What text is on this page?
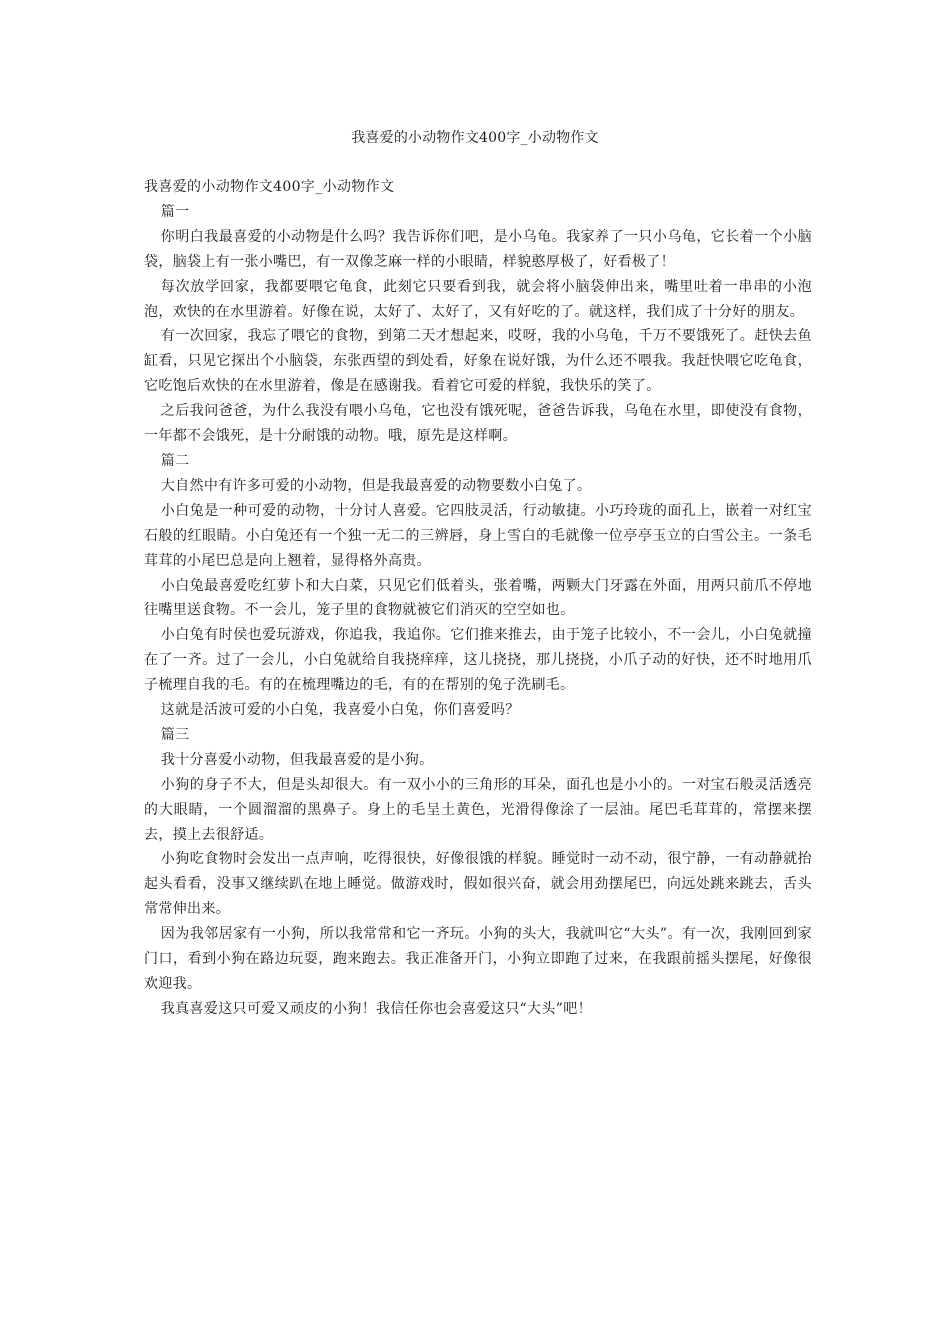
我喜爱的小动物作文400字_小动物作文

我喜爱的小动物作文400字_小动物作文

篇一

你明白我最喜爱的小动物是什么吗？我告诉你们吧，是小乌龟。我家养了一只小乌龟，它长着一个小脑袋，脑袋上有一张小嘴巴，有一双像芝麻一样的小眼睛，样貌憨厚极了，好看极了！

每次放学回家，我都要喂它龟食，此刻它只要看到我，就会将小脑袋伸出来，嘴里吐着一串串的小泡泡，欢快的在水里游着。好像在说，太好了、太好了，又有好吃的了。就这样，我们成了十分好的朋友。

有一次回家，我忘了喂它的食物，到第二天才想起来，哎呀，我的小乌龟，千万不要饿死了。赶快去鱼缸看，只见它探出个小脑袋，东张西望的到处看，好象在说好饿，为什么还不喂我。我赶快喂它吃龟食，它吃饱后欢快的在水里游着，像是在感谢我。看着它可爱的样貌，我快乐的笑了。

之后我问爸爸，为什么我没有喂小乌龟，它也没有饿死呢，爸爸告诉我，乌龟在水里，即使没有食物，一年都不会饿死，是十分耐饿的动物。哦，原先是这样啊。

篇二

大自然中有许多可爱的小动物，但是我最喜爱的动物要数小白兔了。

小白兔是一种可爱的动物，十分讨人喜爱。它四肢灵活，行动敏捷。小巧玲珑的面孔上，嵌着一对红宝石般的红眼睛。小白兔还有一个独一无二的三辨唇，身上雪白的毛就像一位亭亭玉立的白雪公主。一条毛茸茸的小尾巴总是向上翘着，显得格外高贵。

小白兔最喜爱吃红萝卜和大白菜，只见它们低着头，张着嘴，两颗大门牙露在外面，用两只前爪不停地往嘴里送食物。不一会儿，笼子里的食物就被它们消灭的空空如也。

小白兔有时侯也爱玩游戏，你追我，我追你。它们推来推去，由于笼子比较小，不一会儿，小白兔就撞在了一齐。过了一会儿，小白兔就给自我挠痒痒，这儿挠挠，那儿挠挠，小爪子动的好快，还不时地用爪子梳理自我的毛。有的在梳理嘴边的毛，有的在帮别的兔子洗刷毛。

这就是活波可爱的小白兔，我喜爱小白兔，你们喜爱吗？

篇三

我十分喜爱小动物，但我最喜爱的是小狗。

小狗的身子不大，但是头却很大。有一双小小的三角形的耳朵，面孔也是小小的。一对宝石般灵活透亮的大眼睛，一个圆溜溜的黑鼻子。身上的毛呈土黄色，光滑得像涂了一层油。尾巴毛茸茸的，常摆来摆去，摸上去很舒适。

小狗吃食物时会发出一点声响，吃得很快，好像很饿的样貌。睡觉时一动不动，很宁静，一有动静就抬起头看看，没事又继续趴在地上睡觉。做游戏时，假如很兴奋，就会用劲摆尾巴，向远处跳来跳去，舌头常常伸出来。

因为我邻居家有一小狗，所以我常常和它一齐玩。小狗的头大，我就叫它“大头”。有一次，我刚回到家门口，看到小狗在路边玩耍，跑来跑去。我正准备开门，小狗立即跑了过来，在我跟前摇头摆尾，好像很欢迎我。

我真喜爱这只可爱又顽皮的小狗！我信任你也会喜爱这只“大头”吧！
